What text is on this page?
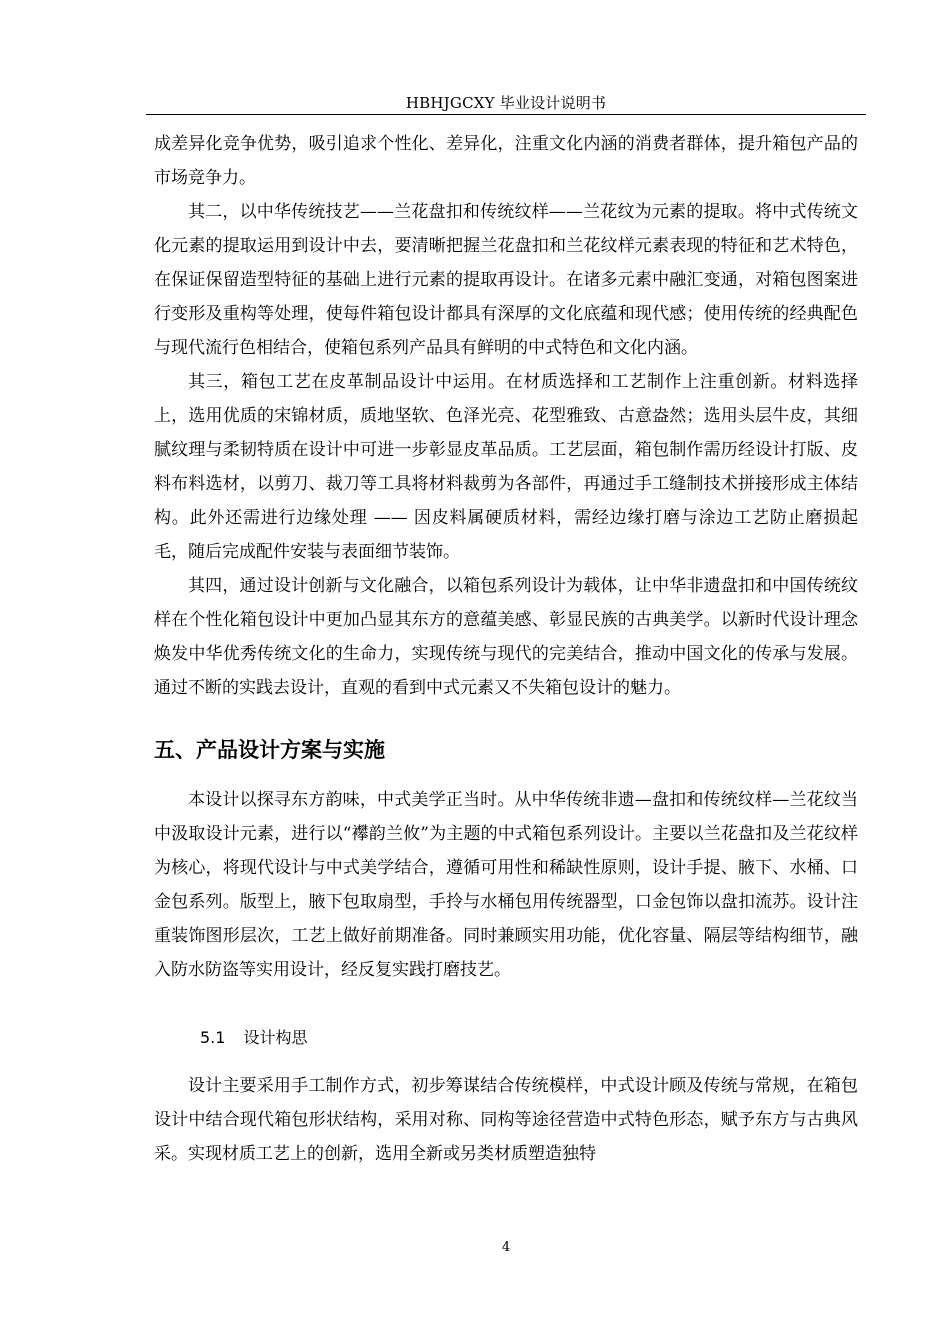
HBHJGCXY 毕业设计说明书

成差异化竞争优势，吸引追求个性化、差异化，注重文化内涵的消费者群体，提升箱包产品的市场竞争力。

其二，以中华传统技艺——兰花盘扣和传统纹样——兰花纹为元素的提取。将中式传统文化元素的提取运用到设计中去，要清晰把握兰花盘扣和兰花纹样元素表现的特征和艺术特色，在保证保留造型特征的基础上进行元素的提取再设计。在诸多元素中融汇变通，对箱包图案进行变形及重构等处理，使每件箱包设计都具有深厚的文化底蕴和现代感；使用传统的经典配色与现代流行色相结合，使箱包系列产品具有鲜明的中式特色和文化内涵。

其三，箱包工艺在皮革制品设计中运用。在材质选择和工艺制作上注重创新。材料选择上，选用优质的宋锦材质，质地坚软、色泽光亮、花型雅致、古意盎然；选用头层牛皮，其细腻纹理与柔韧特质在设计中可进一步彰显皮革品质。工艺层面，箱包制作需历经设计打版、皮料布料选材，以剪刀、裁刀等工具将材料裁剪为各部件，再通过手工缝制技术拼接形成主体结构。此外还需进行边缘处理 —— 因皮料属硬质材料，需经边缘打磨与涂边工艺防止磨损起毛，随后完成配件安装与表面细节装饰。

其四，通过设计创新与文化融合，以箱包系列设计为载体，让中华非遗盘扣和中国传统纹样在个性化箱包设计中更加凸显其东方的意蕴美感、彰显民族的古典美学。以新时代设计理念焕发中华优秀传统文化的生命力，实现传统与现代的完美结合，推动中国文化的传承与发展。通过不断的实践去设计，直观的看到中式元素又不失箱包设计的魅力。

五、产品设计方案与实施

本设计以探寻东方韵味，中式美学正当时。从中华传统非遗—盘扣和传统纹样—兰花纹当中汲取设计元素，进行以“襻韵兰攸”为主题的中式箱包系列设计。主要以兰花盘扣及兰花纹样为核心，将现代设计与中式美学结合，遵循可用性和稀缺性原则，设计手提、腋下、水桶、口金包系列。版型上，腋下包取扇型，手拎与水桶包用传统器型，口金包饰以盘扣流苏。设计注重装饰图形层次，工艺上做好前期准备。同时兼顾实用功能，优化容量、隔层等结构细节，融入防水防盗等实用设计，经反复实践打磨技艺。

5.1 设计构思

设计主要采用手工制作方式，初步筹谋结合传统模样，中式设计顾及传统与常规，在箱包设计中结合现代箱包形状结构，采用对称、同构等途径营造中式特色形态，赋予东方与古典风采。实现材质工艺上的创新，选用全新或另类材质塑造独特

4
